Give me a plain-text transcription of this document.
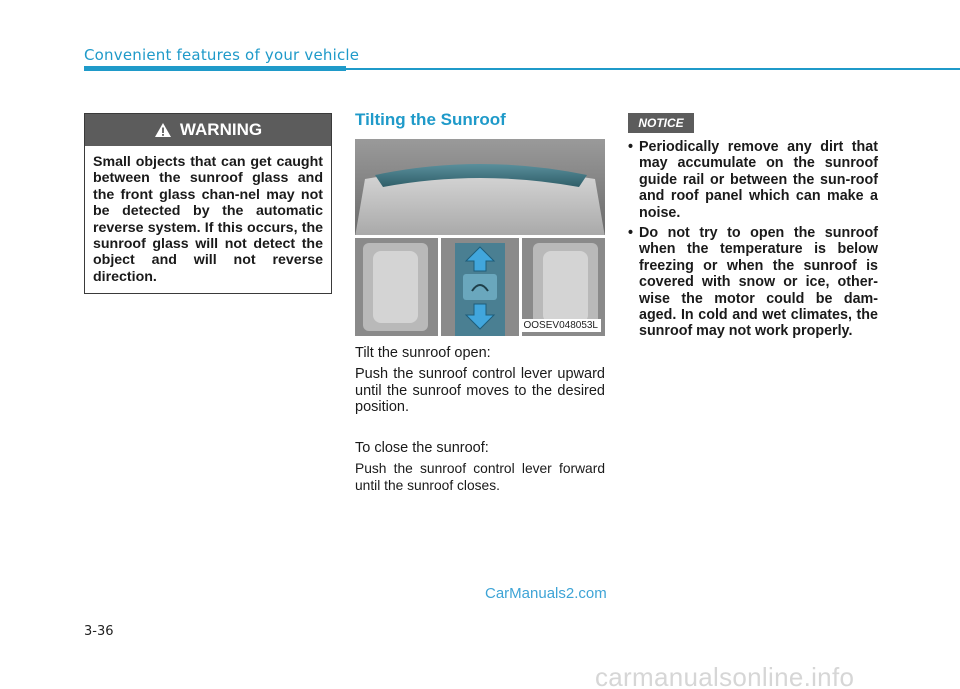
Convenient features of your vehicle
WARNING
Small objects that can get caught between the sunroof glass and the front glass chan-nel may not be detected by the automatic reverse system. If this occurs, the sunroof glass will not detect the object and will not reverse direction.
Tilting the Sunroof
OOSEV048053L
Tilt the sunroof open:
Push the sunroof control lever upward until the sunroof moves to the desired position.
To close the sunroof:
Push the sunroof control lever forward until the sunroof closes.
NOTICE
• Periodically remove any dirt that may accumulate on the sunroof guide rail or between the sun-roof and roof panel which can make a noise.
• Do not try to open the sunroof when the temperature is below freezing or when the sunroof is covered with snow or ice, other-wise the motor could be dam-aged. In cold and wet climates, the sunroof may not work properly.
3-36
CarManuals2.com
carmanualsonline.info
